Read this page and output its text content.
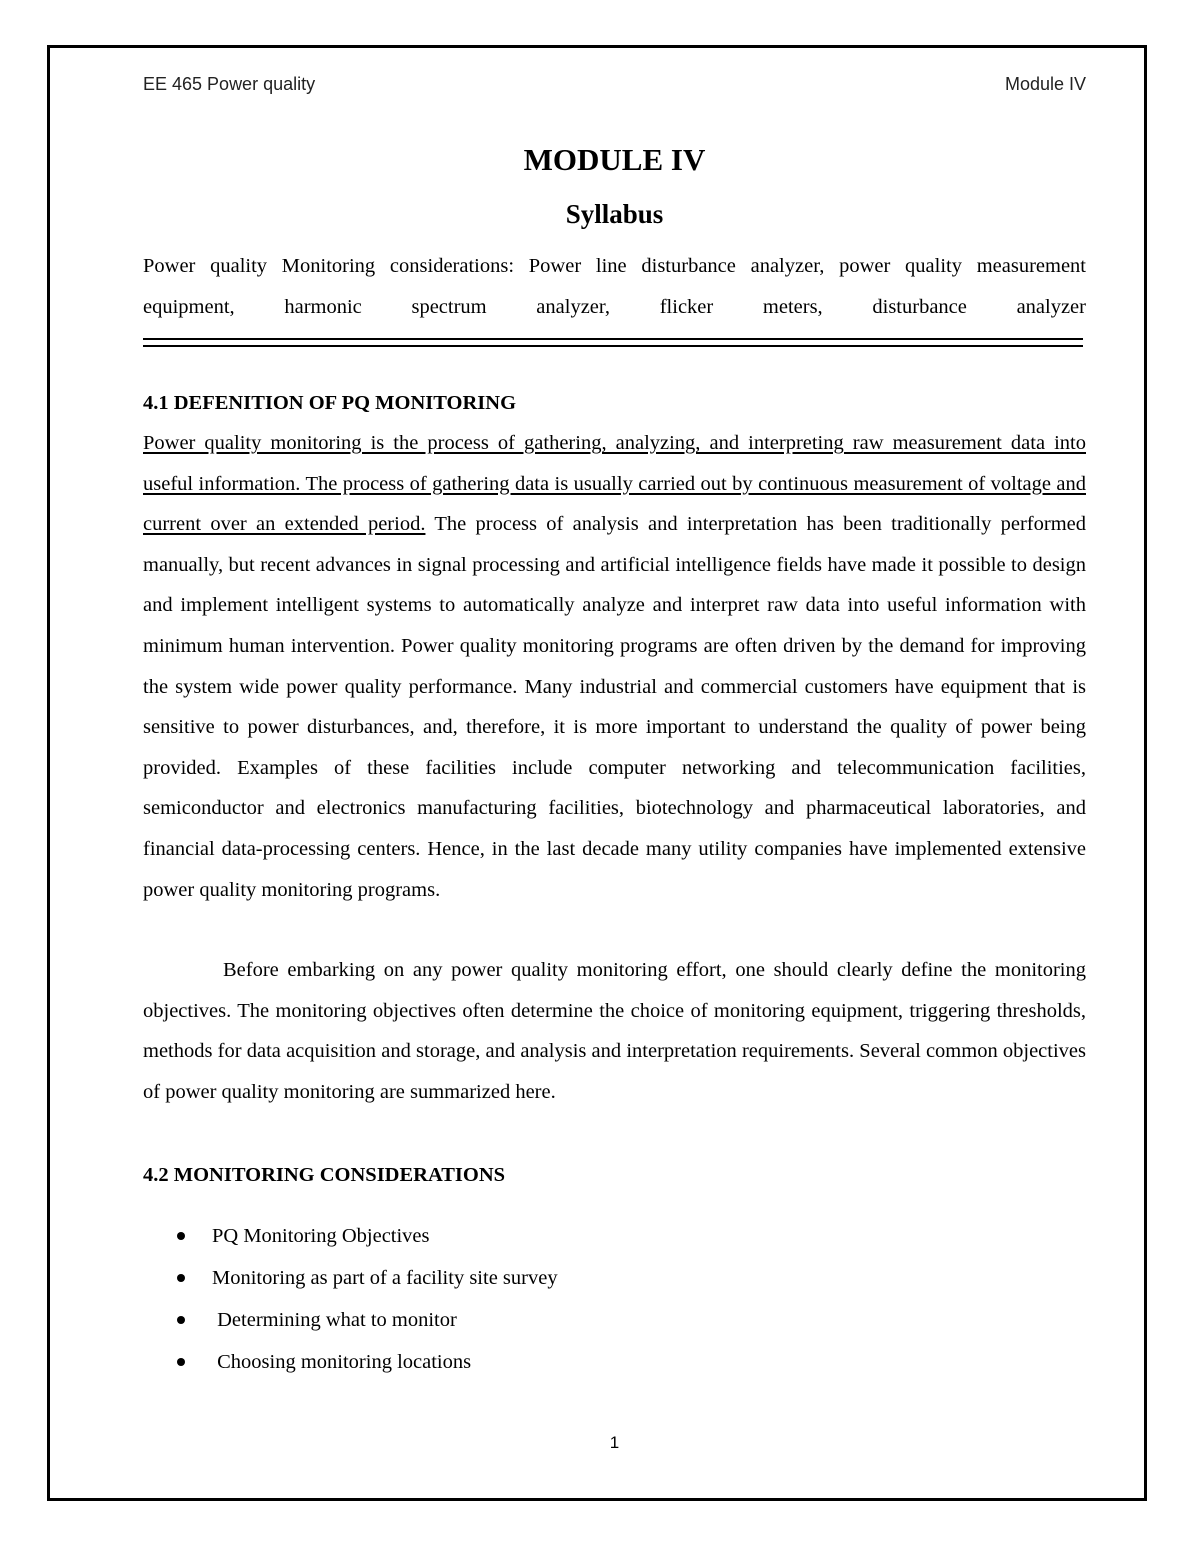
EE 465 Power quality	Module IV
MODULE IV
Syllabus
Power quality Monitoring considerations: Power line disturbance analyzer, power quality measurement equipment, harmonic spectrum analyzer, flicker meters, disturbance analyzer
4.1 DEFENITION OF PQ MONITORING
Power quality monitoring is the process of gathering, analyzing, and interpreting raw measurement data into useful information. The process of gathering data is usually carried out by continuous measurement of voltage and current over an extended period. The process of analysis and interpretation has been traditionally performed manually, but recent advances in signal processing and artificial intelligence fields have made it possible to design and implement intelligent systems to automatically analyze and interpret raw data into useful information with minimum human intervention. Power quality monitoring programs are often driven by the demand for improving the system wide power quality performance. Many industrial and commercial customers have equipment that is sensitive to power disturbances, and, therefore, it is more important to understand the quality of power being provided. Examples of these facilities include computer networking and telecommunication facilities, semiconductor and electronics manufacturing facilities, biotechnology and pharmaceutical laboratories, and financial data-processing centers. Hence, in the last decade many utility companies have implemented extensive power quality monitoring programs.
Before embarking on any power quality monitoring effort, one should clearly define the monitoring objectives. The monitoring objectives often determine the choice of monitoring equipment, triggering thresholds, methods for data acquisition and storage, and analysis and interpretation requirements. Several common objectives of power quality monitoring are summarized here.
4.2 MONITORING CONSIDERATIONS
PQ Monitoring Objectives
Monitoring as part of a facility site survey
Determining what to monitor
Choosing monitoring locations
1
